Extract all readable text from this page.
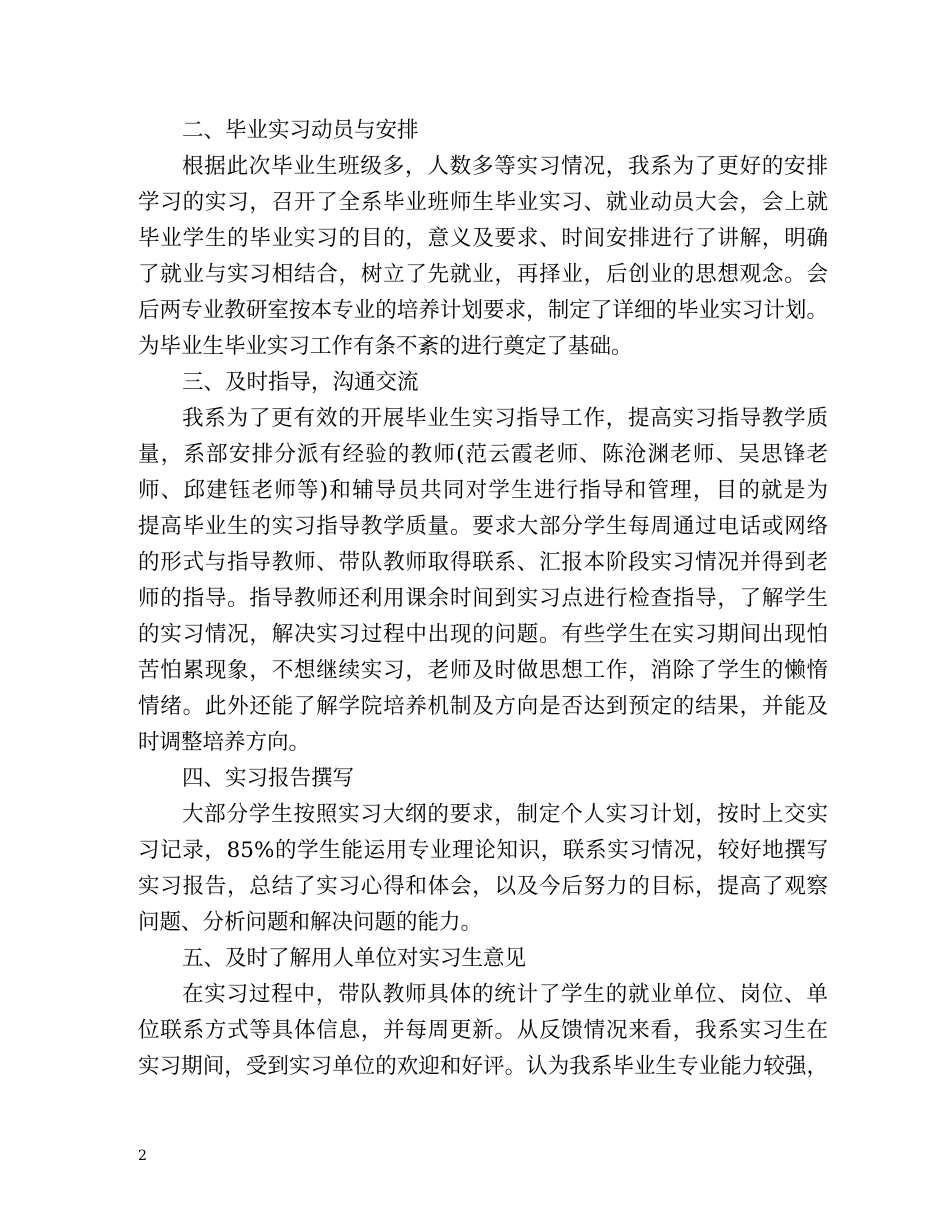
二、毕业实习动员与安排
根据此次毕业生班级多，人数多等实习情况，我系为了更好的安排
学习的实习，召开了全系毕业班师生毕业实习、就业动员大会，会上就
毕业学生的毕业实习的目的，意义及要求、时间安排进行了讲解，明确
了就业与实习相结合，树立了先就业，再择业，后创业的思想观念。会
后两专业教研室按本专业的培养计划要求，制定了详细的毕业实习计划。
为毕业生毕业实习工作有条不紊的进行奠定了基础。
三、及时指导，沟通交流
我系为了更有效的开展毕业生实习指导工作，提高实习指导教学质
量，系部安排分派有经验的教师(范云霞老师、陈沧渊老师、吴思锋老
师、邱建钰老师等)和辅导员共同对学生进行指导和管理，目的就是为
提高毕业生的实习指导教学质量。要求大部分学生每周通过电话或网络
的形式与指导教师、带队教师取得联系、汇报本阶段实习情况并得到老
师的指导。指导教师还利用课余时间到实习点进行检查指导，了解学生
的实习情况，解决实习过程中出现的问题。有些学生在实习期间出现怕
苦怕累现象，不想继续实习，老师及时做思想工作，消除了学生的懒惰
情绪。此外还能了解学院培养机制及方向是否达到预定的结果，并能及
时调整培养方向。
四、实习报告撰写
大部分学生按照实习大纲的要求，制定个人实习计划，按时上交实
习记录，85%的学生能运用专业理论知识，联系实习情况，较好地撰写
实习报告，总结了实习心得和体会，以及今后努力的目标，提高了观察
问题、分析问题和解决问题的能力。
五、及时了解用人单位对实习生意见
在实习过程中，带队教师具体的统计了学生的就业单位、岗位、单
位联系方式等具体信息，并每周更新。从反馈情况来看，我系实习生在
实习期间，受到实习单位的欢迎和好评。认为我系毕业生专业能力较强，
2
